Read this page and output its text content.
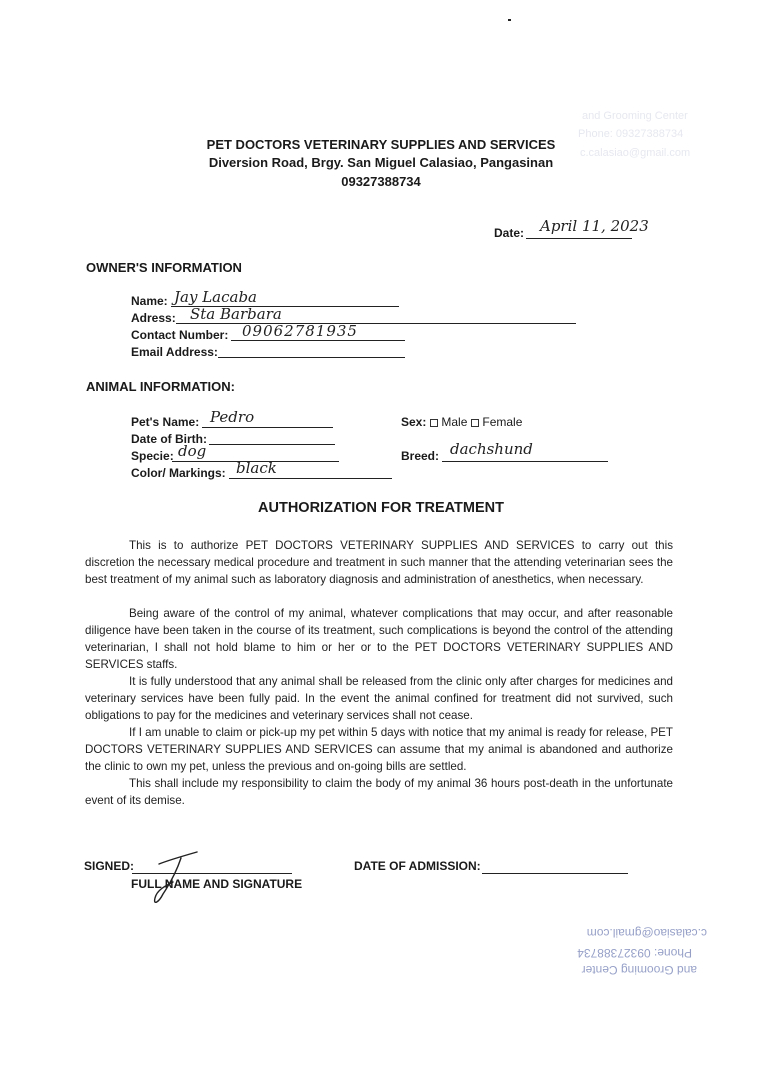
and Grooming Center
Phone: 09327388734
c.calasiao@gmail.com
PET DOCTORS VETERINARY SUPPLIES AND SERVICES
Diversion Road, Brgy. San Miguel Calasiao, Pangasinan
09327388734
Date: April 11, 2023
OWNER'S INFORMATION
Name: Jay Lacaba
Adress: Sta Barbara
Contact Number: 09062781935
Email Address:
ANIMAL INFORMATION:
Pet's Name: Pedro
Date of Birth:
Specie: dog
Color/ Markings: black
Sex: Male Female
Breed: dachshund
AUTHORIZATION FOR TREATMENT
This is to authorize PET DOCTORS VETERINARY SUPPLIES AND SERVICES to carry out this discretion the necessary medical procedure and treatment in such manner that the attending veterinarian sees the best treatment of my animal such as laboratory diagnosis and administration of anesthetics, when necessary.
Being aware of the control of my animal, whatever complications that may occur, and after reasonable diligence have been taken in the course of its treatment, such complications is beyond the control of the attending veterinarian, I shall not hold blame to him or her or to the PET DOCTORS VETERINARY SUPPLIES AND SERVICES staffs.
It is fully understood that any animal shall be released from the clinic only after charges for medicines and veterinary services have been fully paid. In the event the animal confined for treatment did not survived, such obligations to pay for the medicines and veterinary services shall not cease.
If I am unable to claim or pick-up my pet within 5 days with notice that my animal is ready for release, PET DOCTORS VETERINARY SUPPLIES AND SERVICES can assume that my animal is abandoned and authorize the clinic to own my pet, unless the previous and on-going bills are settled.
This shall include my responsibility to claim the body of my animal 36 hours post-death in the unfortunate event of its demise.
SIGNED:
FULL NAME AND SIGNATURE
DATE OF ADMISSION:
and Grooming Center
Phone: 09327388734
c.calasiao@gmail.com
